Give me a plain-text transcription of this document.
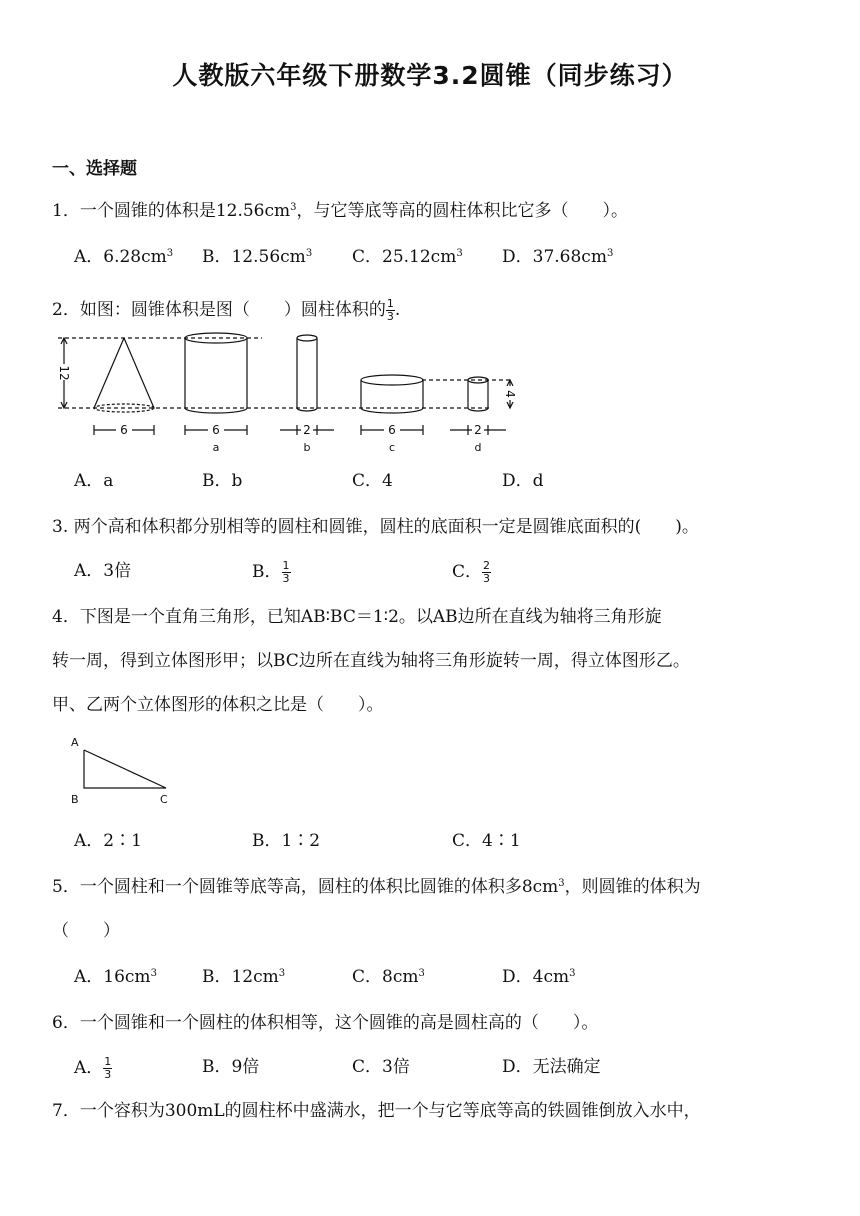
人教版六年级下册数学3.2圆锥（同步练习）
一、选择题
1．一个圆锥的体积是$12.56cm^3$，与它等底等高的圆柱体积比它多（　　）。
A．$6.28cm^3$ B．$12.56cm^3$ C．$25.12cm^3$ D．$37.68cm^3$
2．如图：圆锥体积是图（　　）圆柱体积的 $\frac{1}{3}$ .
12
4
6	6
a
2
b
6
c
2
d
A．a	B．b	C．4	D．d
3. 两个高和体积都分别相等的圆柱和圆锥，圆柱的底面积一定是圆锥底面积的(　　)。
A．3倍	B． $\frac{1}{3}$	C． $\frac{2}{3}$
4．下图是一个直角三角形，已知AB∶BC＝1∶2。以AB边所在直线为轴将三角形旋
转一周，得到立体图形甲；以BC边所在直线为轴将三角形旋转一周，得立体图形乙。
甲、乙两个立体图形的体积之比是（　　）。
A
B	C
A．2∶1	B．1∶2	C．4∶1
5．一个圆柱和一个圆锥等底等高，圆柱的体积比圆锥的体积多$8cm^3$，则圆锥的体积为
（　　）
A．$16cm^3$	B．$12cm^3$	C．$8cm^3$	D．$4cm^3$
6．一个圆锥和一个圆柱的体积相等，这个圆锥的高是圆柱高的（　　）。
A． $\frac{1}{3}$	B．9倍	C．3倍	D．无法确定
7．一个容积为300mL的圆柱杯中盛满水，把一个与它等底等高的铁圆锥倒放入水中，
